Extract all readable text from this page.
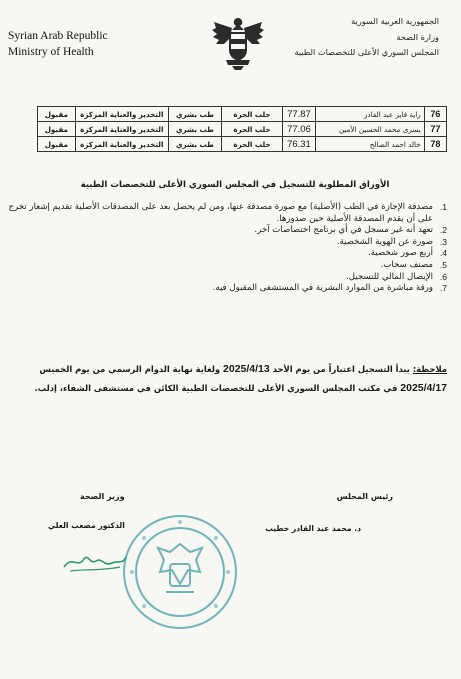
Syrian Arab Republic
Ministry of Health
الجمهورية العربية السورية
وزارة الصحة
المجلس السوري الأعلى للتخصصات الطبية
76	راية فايز عبد القادر	77.87	حلب الحرة	طب بشري	التخدير والعناية المركزة	مقبول
77	يسرى محمد الحسين الأمين	77.06	حلب الحرة	طب بشري	التخدير والعناية المركزة	مقبول
78	خالد احمد الصالح	76.31	حلب الحرة	طب بشري	التخدير والعناية المركزة	مقبول
الأوراق المطلوبة للتسجيل في المجلس السوري الأعلى للتخصصات الطبية
1.
مصدقة الإجازة في الطب (الأصلية) مع صورة مصدقة عنها، ومن لم يحصل بعد على المصدقات الأصلية تقديم إشعار تخرج على أن يقدم المصدقة الأصلية حين صدورها.
2.
تعهد أنه غير مسجل في أي برنامج اختصاصات آخر.
3.
صورة عن الهوية الشخصية.
4.
أربع صور شخصية.
5.
مصنف سحاب.
6.
الإيصال المالي للتسجيل.
7.
ورقة مباشرة من الموارد البشرية في المستشفى المقبول فيه.
ملاحظة: يبدأ التسجيل اعتباراً من يوم الأحد 2025/4/13 ولغاية نهاية الدوام الرسمي من يوم الخميس 2025/4/17 في مكتب المجلس السوري الأعلى للتخصصات الطبية الكائن في مستشفى الشفاء، إدلب.
رئيس المجلس
د. محمد عبد القادر خطيب
وزير الصحة
الدكتور مصعب العلي
